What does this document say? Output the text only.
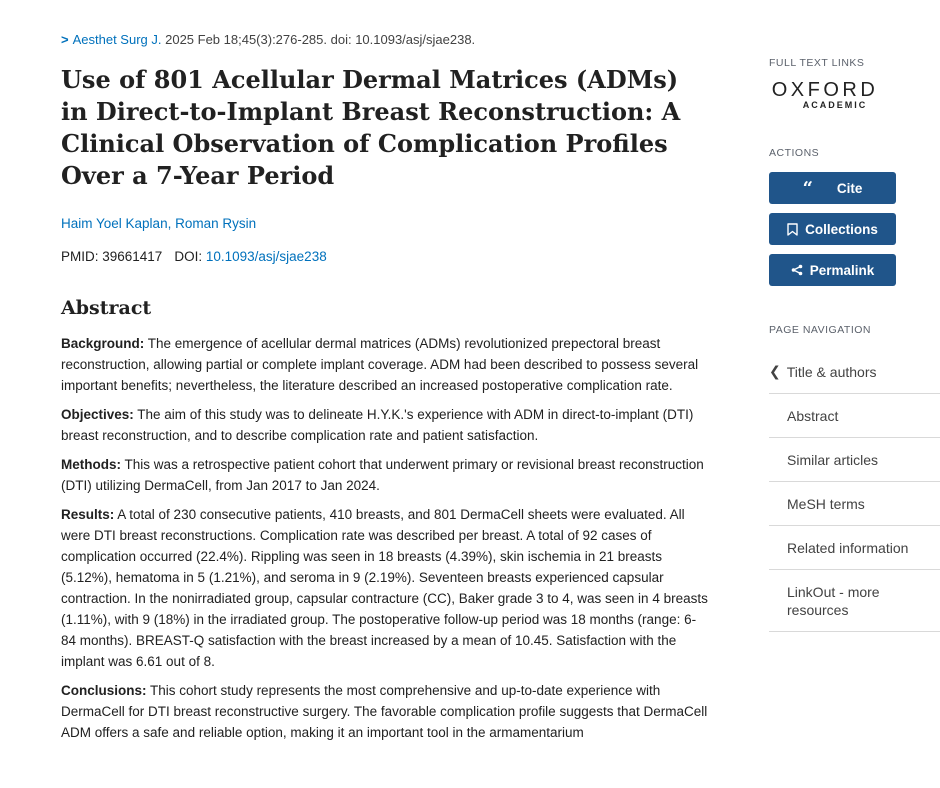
> Aesthet Surg J. 2025 Feb 18;45(3):276-285. doi: 10.1093/asj/sjae238.
Use of 801 Acellular Dermal Matrices (ADMs) in Direct-to-Implant Breast Reconstruction: A Clinical Observation of Complication Profiles Over a 7-Year Period
Haim Yoel Kaplan, Roman Rysin
PMID: 39661417 DOI: 10.1093/asj/sjae238
Abstract

Background: The emergence of acellular dermal matrices (ADMs) revolutionized prepectoral breast reconstruction, allowing partial or complete implant coverage. ADM had been described to possess several important benefits; nevertheless, the literature described an increased postoperative complication rate.

Objectives: The aim of this study was to delineate H.Y.K.'s experience with ADM in direct-to-implant (DTI) breast reconstruction, and to describe complication rate and patient satisfaction.

Methods: This was a retrospective patient cohort that underwent primary or revisional breast reconstruction (DTI) utilizing DermaCell, from Jan 2017 to Jan 2024.

Results: A total of 230 consecutive patients, 410 breasts, and 801 DermaCell sheets were evaluated. All were DTI breast reconstructions. Complication rate was described per breast. A total of 92 cases of complication occurred (22.4%). Rippling was seen in 18 breasts (4.39%), skin ischemia in 21 breasts (5.12%), hematoma in 5 (1.21%), and seroma in 9 (2.19%). Seventeen breasts experienced capsular contraction. In the nonirradiated group, capsular contracture (CC), Baker grade 3 to 4, was seen in 4 breasts (1.11%), with 9 (18%) in the irradiated group. The postoperative follow-up period was 18 months (range: 6-84 months). BREAST-Q satisfaction with the breast increased by a mean of 10.45. Satisfaction with the implant was 6.61 out of 8.

Conclusions: This cohort study represents the most comprehensive and up-to-date experience with DermaCell for DTI breast reconstructive surgery. The favorable complication profile suggests that DermaCell ADM offers a safe and reliable option, making it an important tool in the armamentarium

FULL TEXT LINKS
OXFORD
ACADEMIC
ACTIONS
“ Cite
Collections
Permalink
PAGE NAVIGATION
❮ Title & authors
Abstract
Similar articles
MeSH terms
Related information
LinkOut - more resources
